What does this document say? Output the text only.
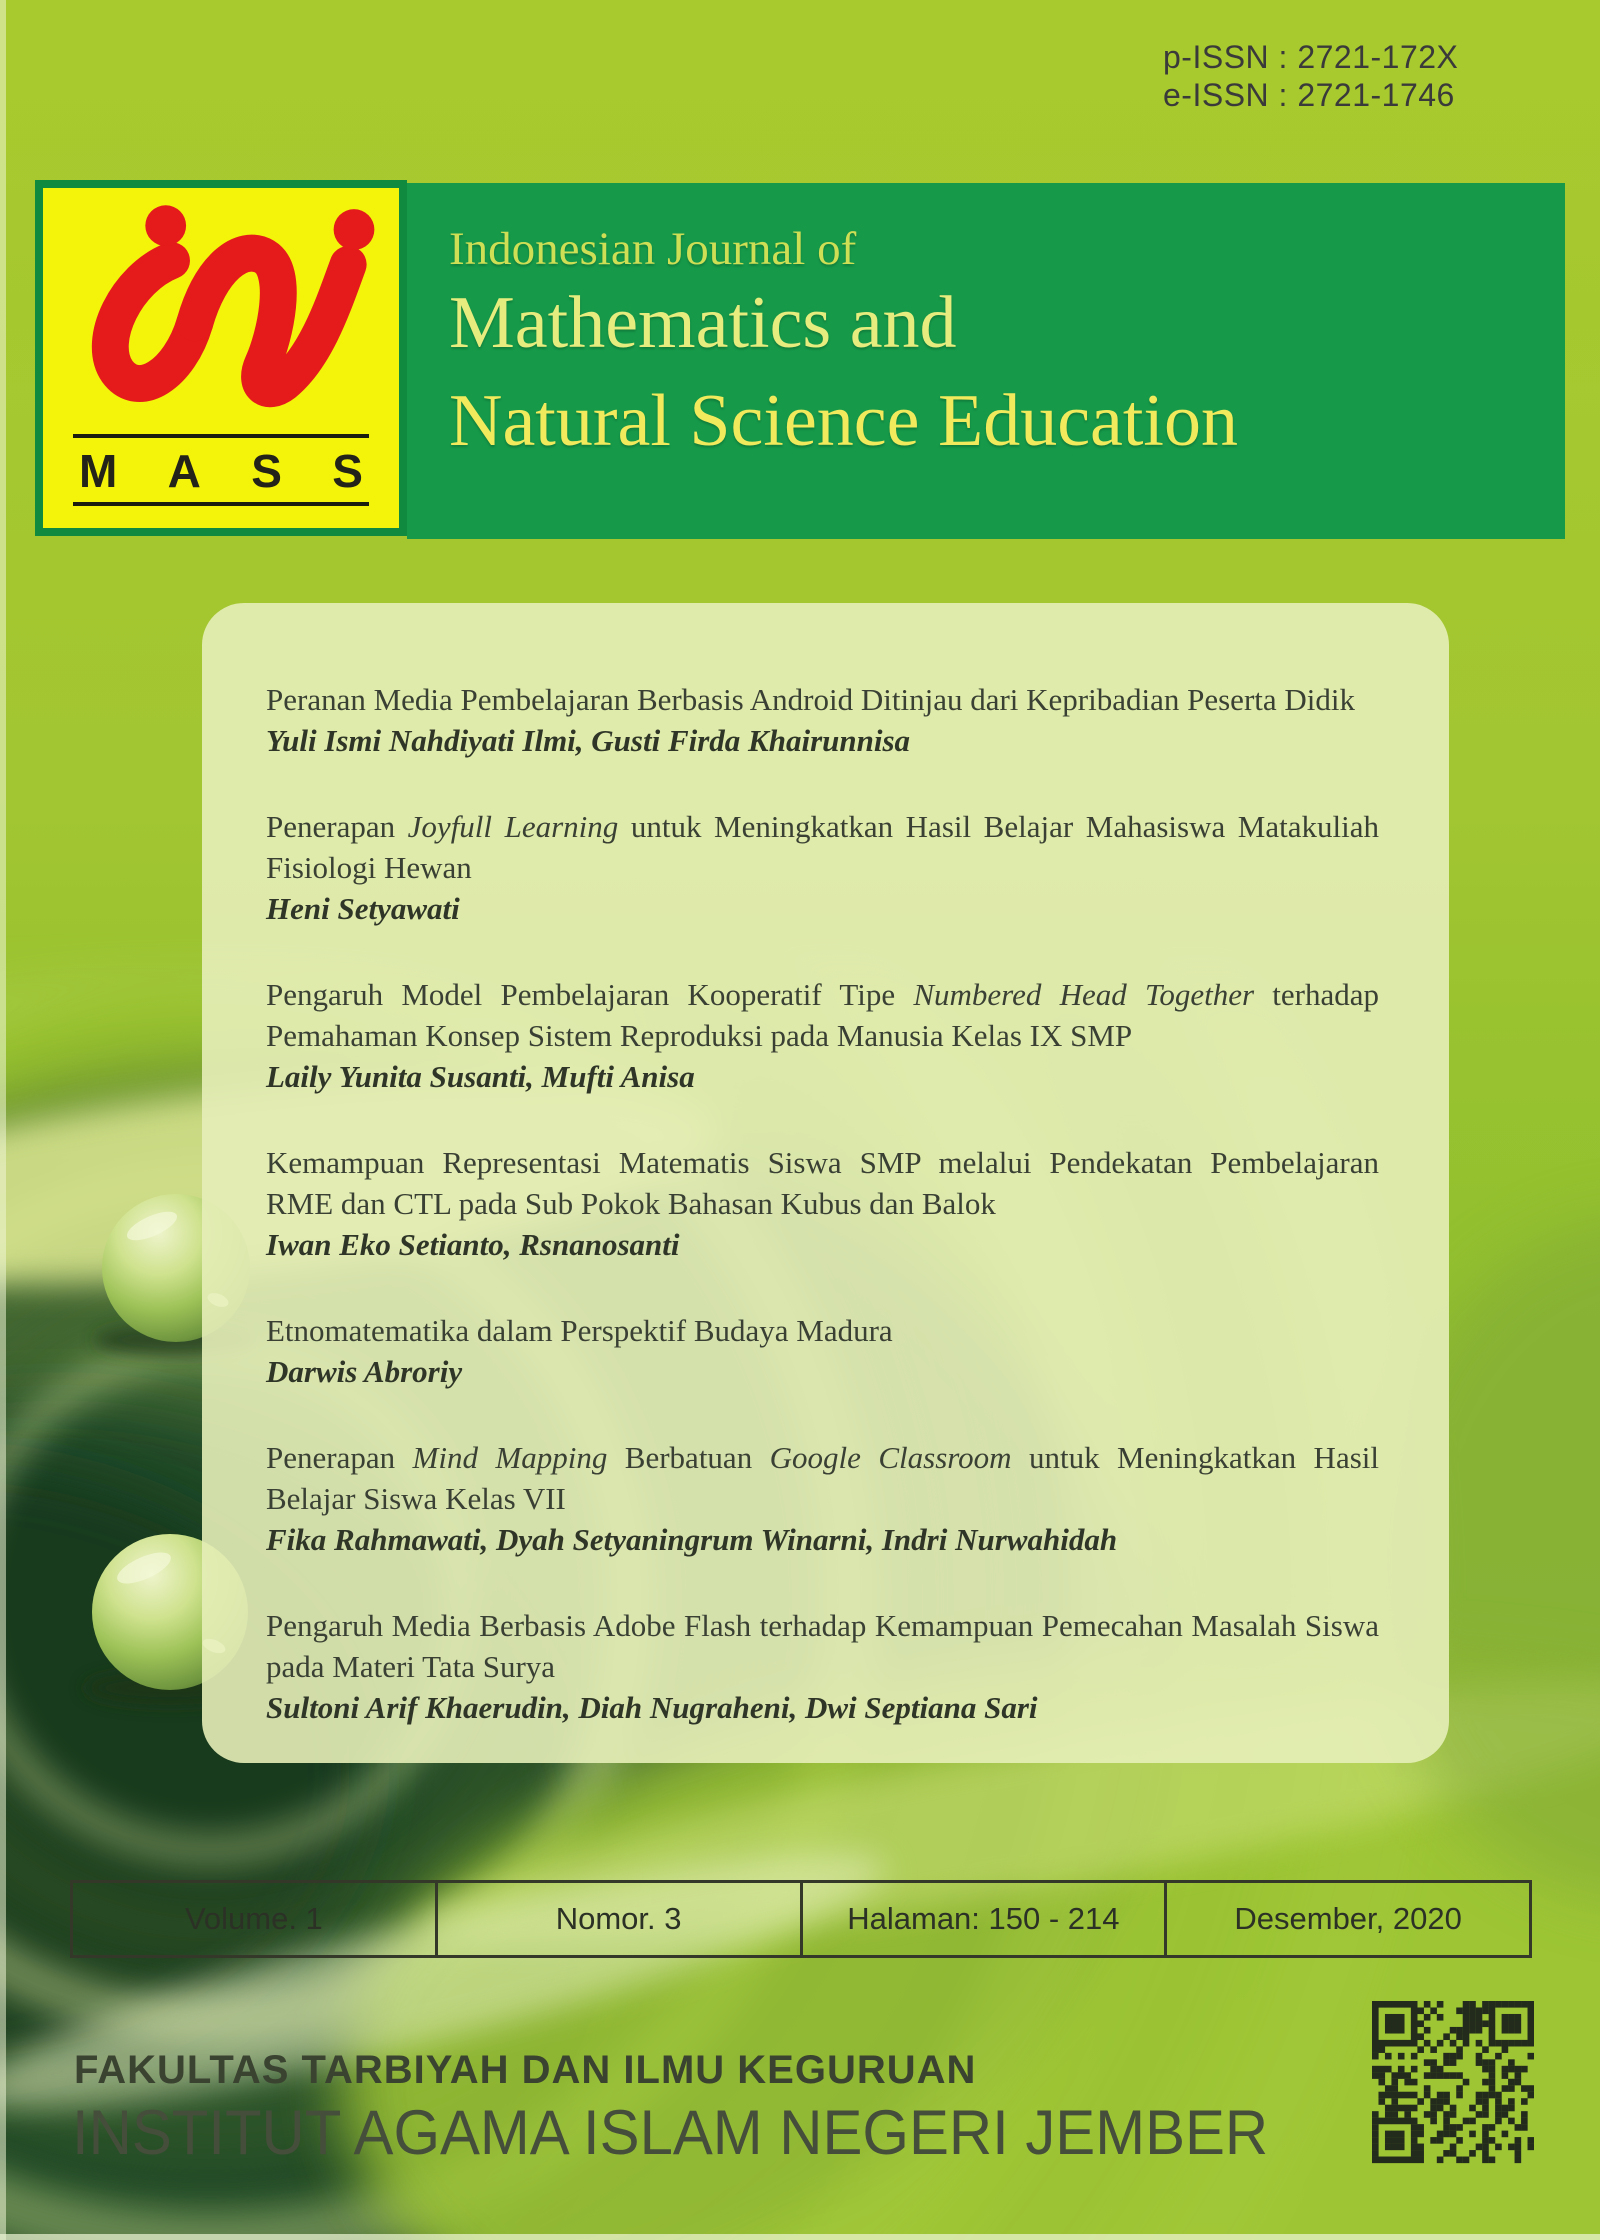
p-ISSN : 2721-172X
e-ISSN : 2721-1746
M A S S
Indonesian Journal of
Mathematics and
Natural Science Education
Peranan Media Pembelajaran Berbasis Android Ditinjau dari Kepribadian Peserta Didik
Yuli Ismi Nahdiyati Ilmi, Gusti Firda Khairunnisa
Penerapan Joyfull Learning untuk Meningkatkan Hasil Belajar Mahasiswa Matakuliah Fisiologi Hewan
Heni Setyawati
Pengaruh Model Pembelajaran Kooperatif Tipe Numbered Head Together terhadap Pemahaman Konsep Sistem Reproduksi pada Manusia Kelas IX SMP
Laily Yunita Susanti, Mufti Anisa
Kemampuan Representasi Matematis Siswa SMP melalui Pendekatan Pembelajaran RME dan CTL pada Sub Pokok Bahasan Kubus dan Balok
Iwan Eko Setianto, Rsnanosanti
Etnomatematika dalam Perspektif Budaya Madura
Darwis Abroriy
Penerapan Mind Mapping Berbatuan Google Classroom untuk Meningkatkan Hasil Belajar Siswa Kelas VII
Fika Rahmawati, Dyah Setyaningrum Winarni, Indri Nurwahidah
Pengaruh Media Berbasis Adobe Flash terhadap Kemampuan Pemecahan Masalah Siswa pada Materi Tata Surya
Sultoni Arif Khaerudin, Diah Nugraheni, Dwi Septiana Sari
Volume. 1	Nomor. 3	Halaman: 150 - 214	Desember, 2020
FAKULTAS TARBIYAH DAN ILMU KEGURUAN
INSTITUT AGAMA ISLAM NEGERI JEMBER
